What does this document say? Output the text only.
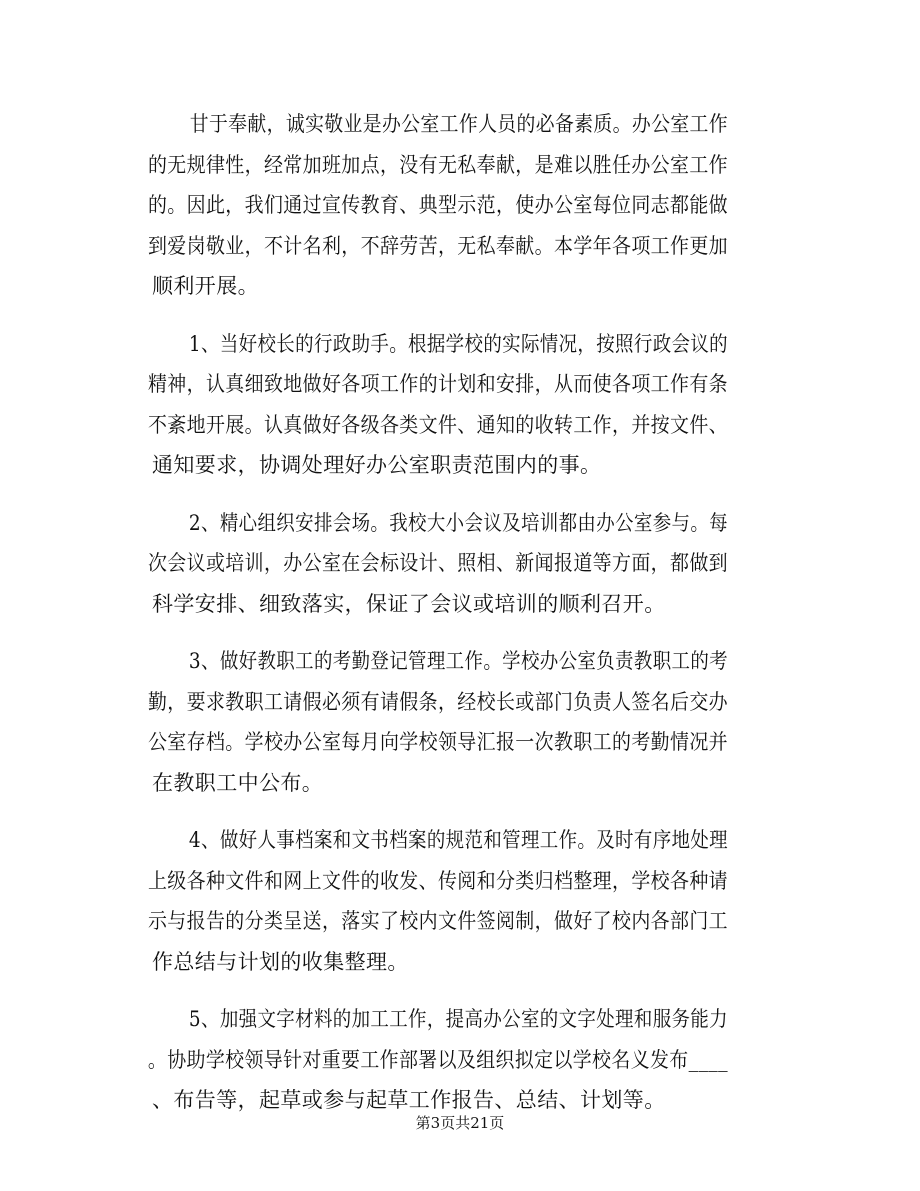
甘于奉献，诚实敬业是办公室工作人员的必备素质。办公室工作
的无规律性，经常加班加点，没有无私奉献，是难以胜任办公室工作
的。因此，我们通过宣传教育、典型示范，使办公室每位同志都能做
到爱岗敬业，不计名利，不辞劳苦，无私奉献。本学年各项工作更加
顺利开展。

1、当好校长的行政助手。根据学校的实际情况，按照行政会议的
精神，认真细致地做好各项工作的计划和安排，从而使各项工作有条
不紊地开展。认真做好各级各类文件、通知的收转工作，并按文件、
通知要求，协调处理好办公室职责范围内的事。

2、精心组织安排会场。我校大小会议及培训都由办公室参与。每
次会议或培训，办公室在会标设计、照相、新闻报道等方面，都做到
科学安排、细致落实，保证了会议或培训的顺利召开。

3、做好教职工的考勤登记管理工作。学校办公室负责教职工的考
勤，要求教职工请假必须有请假条，经校长或部门负责人签名后交办
公室存档。学校办公室每月向学校领导汇报一次教职工的考勤情况并
在教职工中公布。

4、做好人事档案和文书档案的规范和管理工作。及时有序地处理
上级各种文件和网上文件的收发、传阅和分类归档整理，学校各种请
示与报告的分类呈送，落实了校内文件签阅制，做好了校内各部门工
作总结与计划的收集整理。

5、加强文字材料的加工工作，提高办公室的文字处理和服务能力
。协助学校领导针对重要工作部署以及组织拟定以学校名义发布____
、布告等，起草或参与起草工作报告、总结、计划等。

第3页共21页
